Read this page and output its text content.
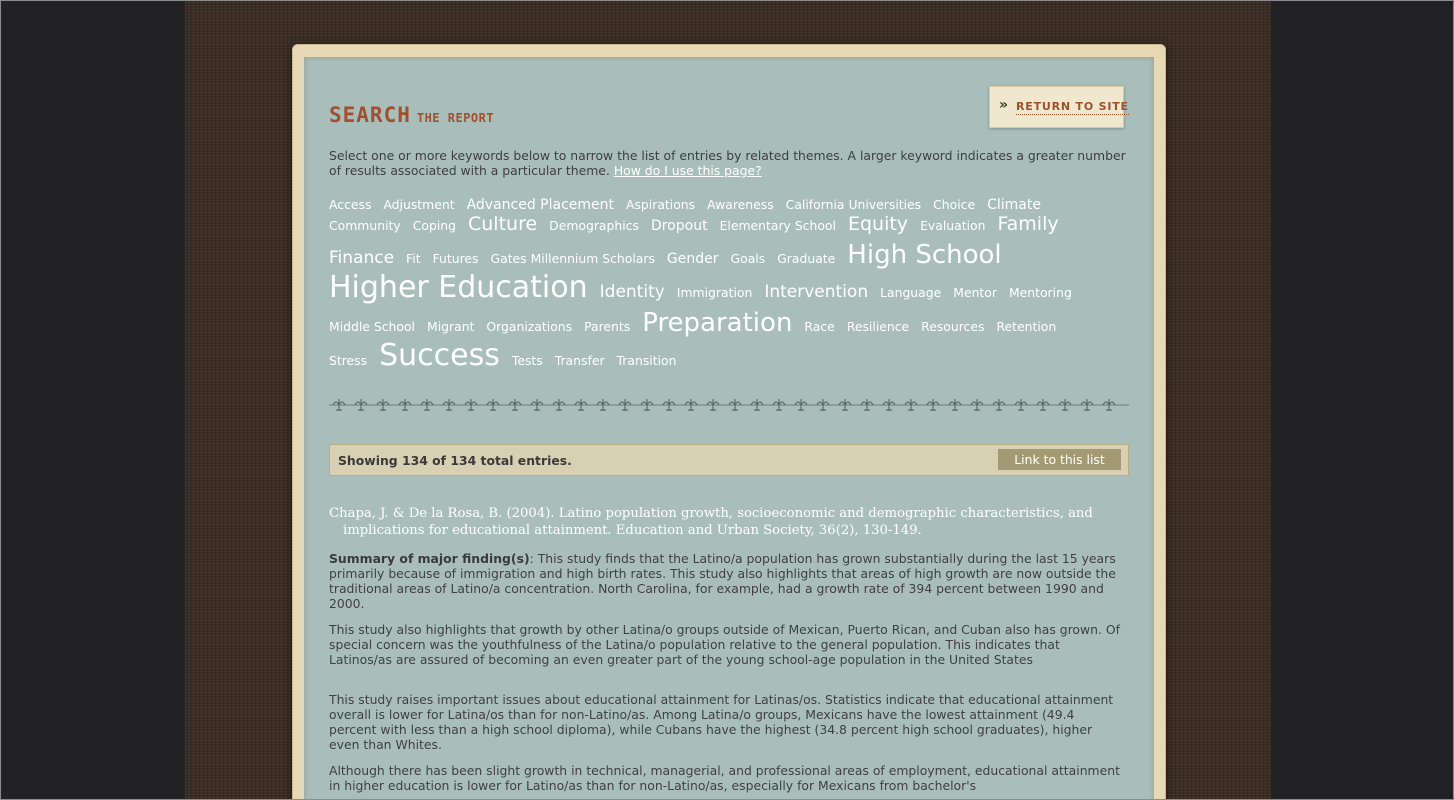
SEARCH THE REPORT
» RETURN TO SITE
Select one or more keywords below to narrow the list of entries by related themes. A larger keyword indicates a greater number of results associated with a particular theme. How do I use this page?
Access Adjustment Advanced Placement Aspirations Awareness California Universities Choice Climate
Community Coping Culture Demographics Dropout Elementary School Equity Evaluation Family
Finance Fit Futures Gates Millennium Scholars Gender Goals Graduate High School
Higher Education Identity Immigration Intervention Language Mentor Mentoring
Middle School Migrant Organizations Parents Preparation Race Resilience Resources Retention
Stress Success Tests Transfer Transition
Showing 134 of 134 total entries.	Link to this list
Chapa, J. & De la Rosa, B. (2004). Latino population growth, socioeconomic and demographic characteristics, and implications for educational attainment. Education and Urban Society, 36(2), 130-149.
Summary of major finding(s): This study finds that the Latino/a population has grown substantially during the last 15 years primarily because of immigration and high birth rates. This study also highlights that areas of high growth are now outside the traditional areas of Latino/a concentration. North Carolina, for example, had a growth rate of 394 percent between 1990 and 2000.
This study also highlights that growth by other Latina/o groups outside of Mexican, Puerto Rican, and Cuban also has grown. Of special concern was the youthfulness of the Latina/o population relative to the general population. This indicates that Latinos/as are assured of becoming an even greater part of the young school-age population in the United States
This study raises important issues about educational attainment for Latinas/os. Statistics indicate that educational attainment overall is lower for Latina/os than for non-Latino/as. Among Latina/o groups, Mexicans have the lowest attainment (49.4 percent with less than a high school diploma), while Cubans have the highest (34.8 percent high school graduates), higher even than Whites.
Although there has been slight growth in technical, managerial, and professional areas of employment, educational attainment in higher education is lower for Latino/as than for non-Latino/as, especially for Mexicans from bachelor's
